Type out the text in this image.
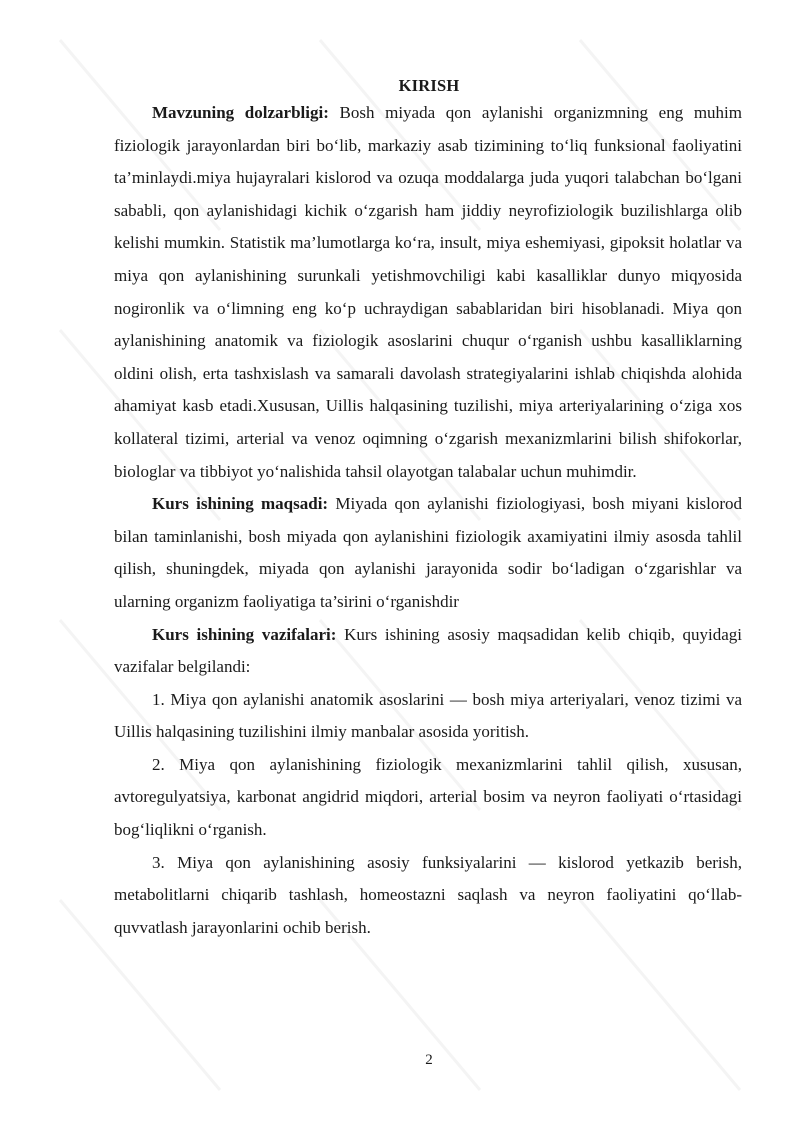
KIRISH

Mavzuning dolzarbligi: Bosh miyada qon aylanishi organizmning eng muhim fiziologik jarayonlardan biri boʻlib, markaziy asab tizimining toʻliq funksional faoliyatini ta’minlaydi.miya hujayralari kislorod va ozuqa moddalarga juda yuqori talabchan boʻlgani sababli, qon aylanishidagi kichik oʻzgarish ham jiddiy neyrofiziologik buzilishlarga olib kelishi mumkin. Statistik ma’lumotlarga koʻra, insult, miya eshemiyasi, gipoksit holatlar va miya qon aylanishining surunkali yetishmovchiligi kabi kasalliklar dunyo miqyosida nogironlik va oʻlimning eng koʻp uchraydigan sabablaridan biri hisoblanadi. Miya qon aylanishining anatomik va fiziologik asoslarini chuqur oʻrganish ushbu kasalliklarning oldini olish, erta tashxislash va samarali davolash strategiyalarini ishlab chiqishda alohida ahamiyat kasb etadi.Xususan, Uillis halqasining tuzilishi, miya arteriyalarining oʻziga xos kollateral tizimi, arterial va venoz oqimning oʻzgarish mexanizmlarini bilish shifokorlar, biologlar va tibbiyot yoʻnalishida tahsil olayotgan talabalar uchun muhimdir.

Kurs ishining maqsadi: Miyada qon aylanishi fiziologiyasi, bosh miyani kislorod bilan taminlanishi, bosh miyada qon aylanishini fiziologik axamiyatini ilmiy asosda tahlil qilish, shuningdek, miyada qon aylanishi jarayonida sodir boʻladigan oʻzgarishlar va ularning organizm faoliyatiga ta’sirini oʻrganishdir

Kurs ishining vazifalari: Kurs ishining asosiy maqsadidan kelib chiqib, quyidagi vazifalar belgilandi:

1. Miya qon aylanishi anatomik asoslarini — bosh miya arteriyalari, venoz tizimi va Uillis halqasining tuzilishini ilmiy manbalar asosida yoritish.

2. Miya qon aylanishining fiziologik mexanizmlarini tahlil qilish, xususan, avtoregulyatsiya, karbonat angidrid miqdori, arterial bosim va neyron faoliyati oʻrtasidagi bogʻliqlikni oʻrganish.

3. Miya qon aylanishining asosiy funksiyalarini — kislorod yetkazib berish, metabolitlarni chiqarib tashlash, homeostazni saqlash va neyron faoliyatini qoʻllab-quvvatlash jarayonlarini ochib berish.

2
